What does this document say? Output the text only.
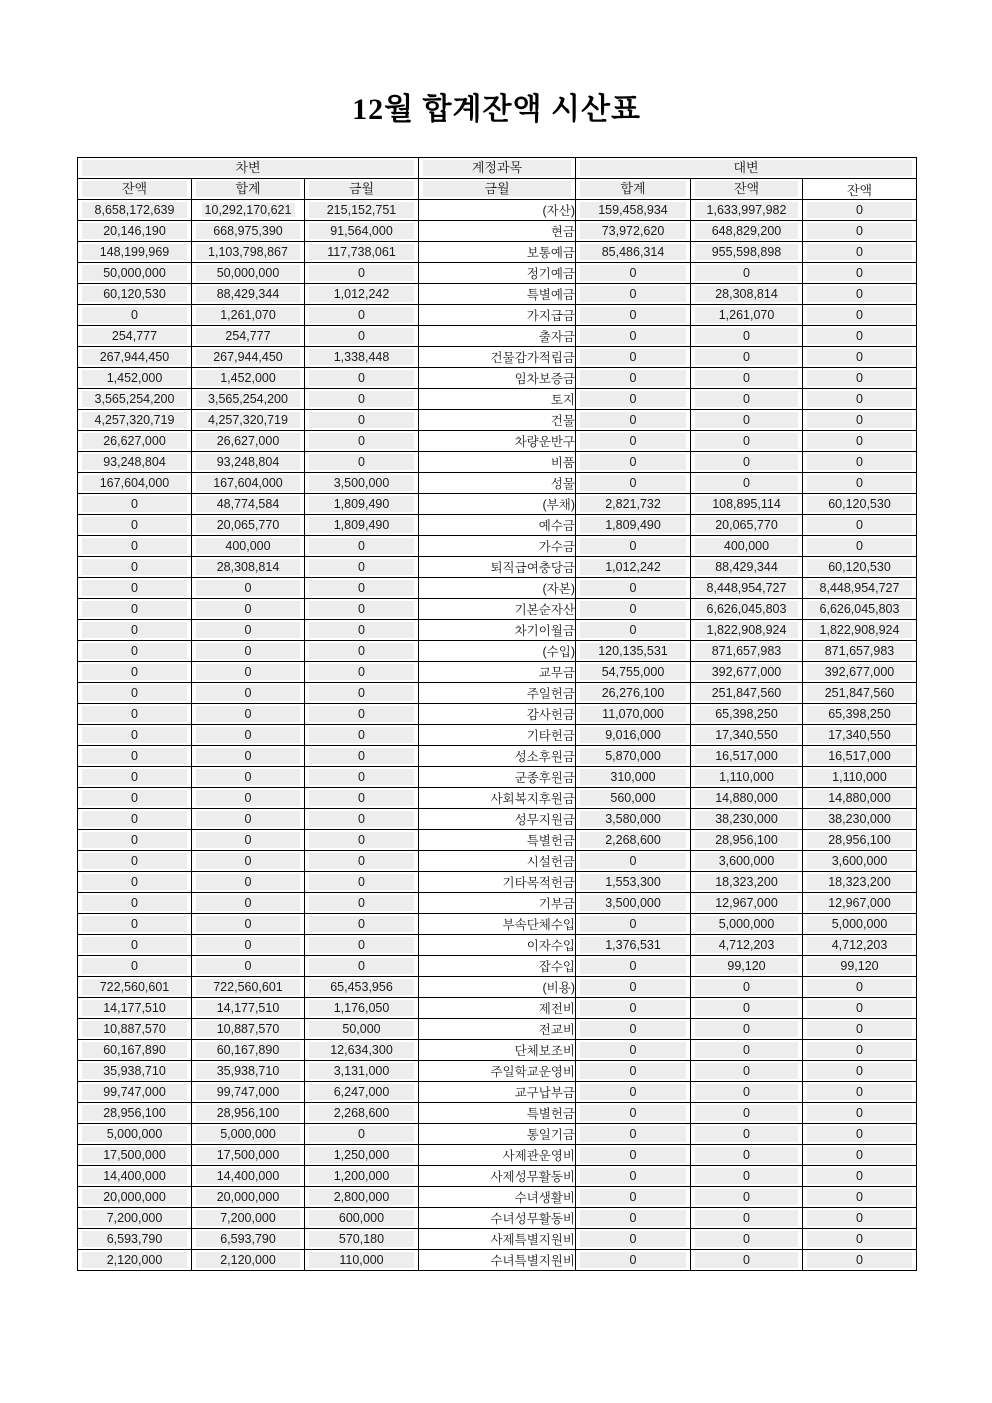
12월 합계잔액 시산표
차변			계정과목	대변		

잔액	합계	금월	금월	합계	잔액	잔액

8,658,172,639	10,292,170,621	215,152,751	(자산)	159,458,934	1,633,997,982	0

20,146,190	668,975,390	91,564,000	현금	73,972,620	648,829,200	0

148,199,969	1,103,798,867	117,738,061	보통예금	85,486,314	955,598,898	0

50,000,000	50,000,000	0	정기예금	0	0	0

60,120,530	88,429,344	1,012,242	특별예금	0	28,308,814	0

0	1,261,070	0	가지급금	0	1,261,070	0

254,777	254,777	0	출자금	0	0	0

267,944,450	267,944,450	1,338,448	건물감가적립금	0	0	0

1,452,000	1,452,000	0	임차보증금	0	0	0

3,565,254,200	3,565,254,200	0	토지	0	0	0

4,257,320,719	4,257,320,719	0	건물	0	0	0

26,627,000	26,627,000	0	차량운반구	0	0	0

93,248,804	93,248,804	0	비품	0	0	0

167,604,000	167,604,000	3,500,000	성물	0	0	0

0	48,774,584	1,809,490	(부채)	2,821,732	108,895,114	60,120,530

0	20,065,770	1,809,490	예수금	1,809,490	20,065,770	0

0	400,000	0	가수금	0	400,000	0

0	28,308,814	0	퇴직급여충당금	1,012,242	88,429,344	60,120,530

0	0	0	(자본)	0	8,448,954,727	8,448,954,727

0	0	0	기본순자산	0	6,626,045,803	6,626,045,803

0	0	0	차기이월금	0	1,822,908,924	1,822,908,924

0	0	0	(수입)	120,135,531	871,657,983	871,657,983

0	0	0	교무금	54,755,000	392,677,000	392,677,000

0	0	0	주일헌금	26,276,100	251,847,560	251,847,560

0	0	0	감사헌금	11,070,000	65,398,250	65,398,250

0	0	0	기타헌금	9,016,000	17,340,550	17,340,550

0	0	0	성소후원금	5,870,000	16,517,000	16,517,000

0	0	0	군종후원금	310,000	1,110,000	1,110,000

0	0	0	사회복지후원금	560,000	14,880,000	14,880,000

0	0	0	성무지원금	3,580,000	38,230,000	38,230,000

0	0	0	특별헌금	2,268,600	28,956,100	28,956,100

0	0	0	시설헌금	0	3,600,000	3,600,000

0	0	0	기타목적헌금	1,553,300	18,323,200	18,323,200

0	0	0	기부금	3,500,000	12,967,000	12,967,000

0	0	0	부속단체수입	0	5,000,000	5,000,000

0	0	0	이자수입	1,376,531	4,712,203	4,712,203

0	0	0	잡수입	0	99,120	99,120

722,560,601	722,560,601	65,453,956	(비용)	0	0	0

14,177,510	14,177,510	1,176,050	제전비	0	0	0

10,887,570	10,887,570	50,000	전교비	0	0	0

60,167,890	60,167,890	12,634,300	단체보조비	0	0	0

35,938,710	35,938,710	3,131,000	주일학교운영비	0	0	0

99,747,000	99,747,000	6,247,000	교구납부금	0	0	0

28,956,100	28,956,100	2,268,600	특별헌금	0	0	0

5,000,000	5,000,000	0	통일기금	0	0	0

17,500,000	17,500,000	1,250,000	사제관운영비	0	0	0

14,400,000	14,400,000	1,200,000	사제성무활동비	0	0	0

20,000,000	20,000,000	2,800,000	수녀생활비	0	0	0

7,200,000	7,200,000	600,000	수녀성무활동비	0	0	0

6,593,790	6,593,790	570,180	사제특별지원비	0	0	0

2,120,000	2,120,000	110,000	수녀특별지원비	0	0	0
